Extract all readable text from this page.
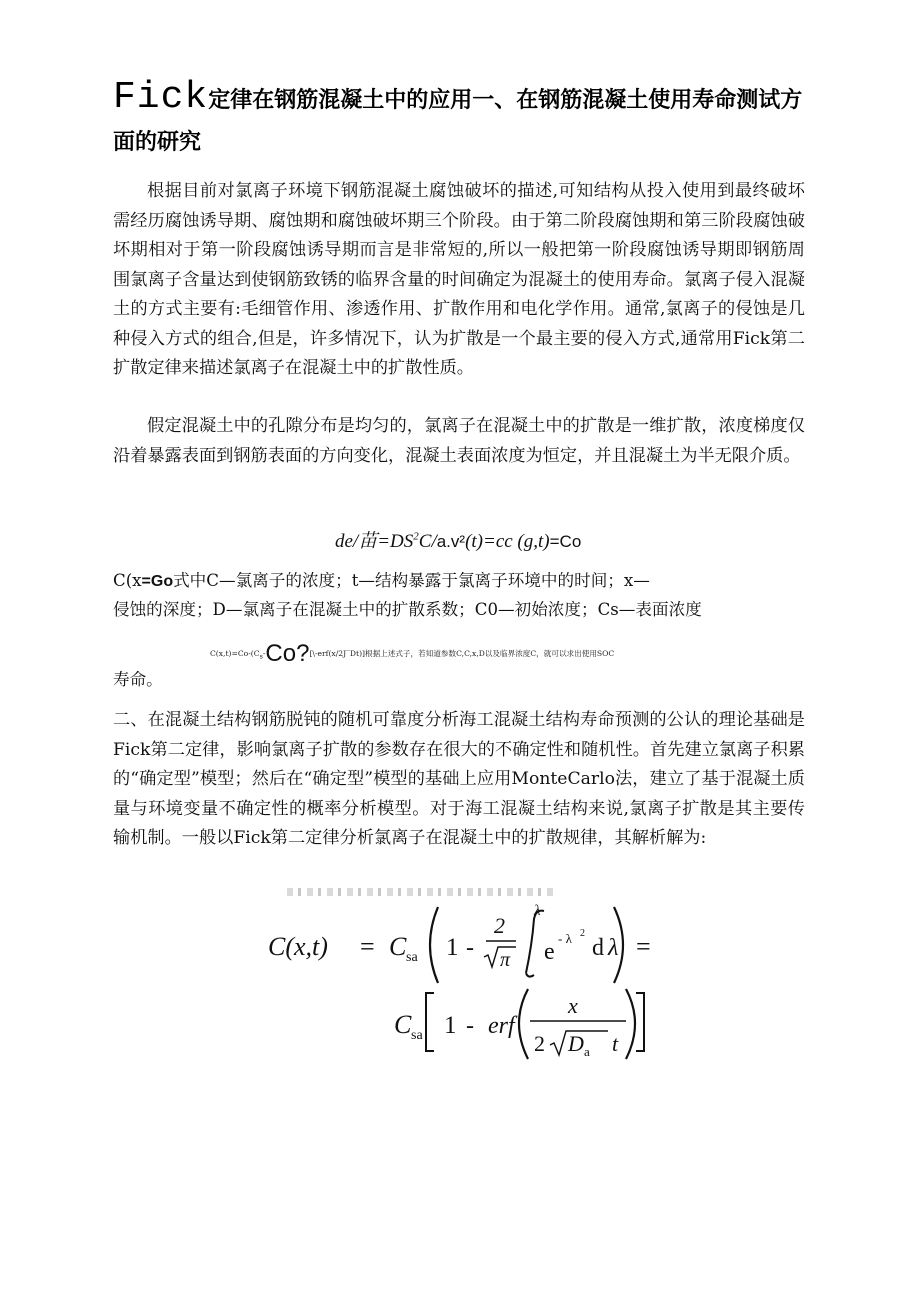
Fick定律在钢筋混凝土中的应用一、在钢筋混凝土使用寿命测试方面的研究

根据目前对氯离子环境下钢筋混凝土腐蚀破坏的描述,可知结构从投入使用到最终破坏需经历腐蚀诱导期、腐蚀期和腐蚀破坏期三个阶段。由于第二阶段腐蚀期和第三阶段腐蚀破坏期相对于第一阶段腐蚀诱导期而言是非常短的,所以一般把第一阶段腐蚀诱导期即钢筋周围氯离子含量达到使钢筋致锈的临界含量的时间确定为混凝土的使用寿命。氯离子侵入混凝土的方式主要有:毛细管作用、渗透作用、扩散作用和电化学作用。通常,氯离子的侵蚀是几种侵入方式的组合,但是，许多情况下，认为扩散是一个最主要的侵入方式,通常用Fick第二扩散定律来描述氯离子在混凝土中的扩散性质。

假定混凝土中的孔隙分布是均匀的，氯离子在混凝土中的扩散是一维扩散，浓度梯度仅沿着暴露表面到钢筋表面的方向变化，混凝土表面浓度为恒定，并且混凝土为半无限介质。

de/苗$=DS^2C/a.v^2(t)=cc$ (g,t)=Co

C(x=Go式中C—氯离子的浓度；t—结构暴露于氯离子环境中的时间；x—

侵蚀的深度；D—氯离子在混凝土中的扩散系数；C0—初始浓度；Cs—表面浓度

$C(x,t)=Co-(C_s-Co?[\backslash-erf(x/2J‾Dt)]$根据上述式子，若知道参数C,C,x,D以及临界浓度C，就可以求出使用SOC

寿命。

二、在混凝土结构钢筋脱钝的随机可靠度分析海工混凝土结构寿命预测的公认的理论基础是Fick第二定律，影响氯离子扩散的参数存在很大的不确定性和随机性。首先建立氯离子积累的“确定型”模型；然后在“确定型”模型的基础上应用MonteCarlo法，建立了基于混凝土质量与环境变量不确定性的概率分析模型。对于海工混凝土结构来说,氯离子扩散是其主要传输机制。一般以Fick第二定律分析氯离子在混凝土中的扩散规律，其解析解为:

C(x,t) = C sa 1 -
2
π
λ
e
- λ 2
d λ =
C sa 1 - erf
x
2 D a t
